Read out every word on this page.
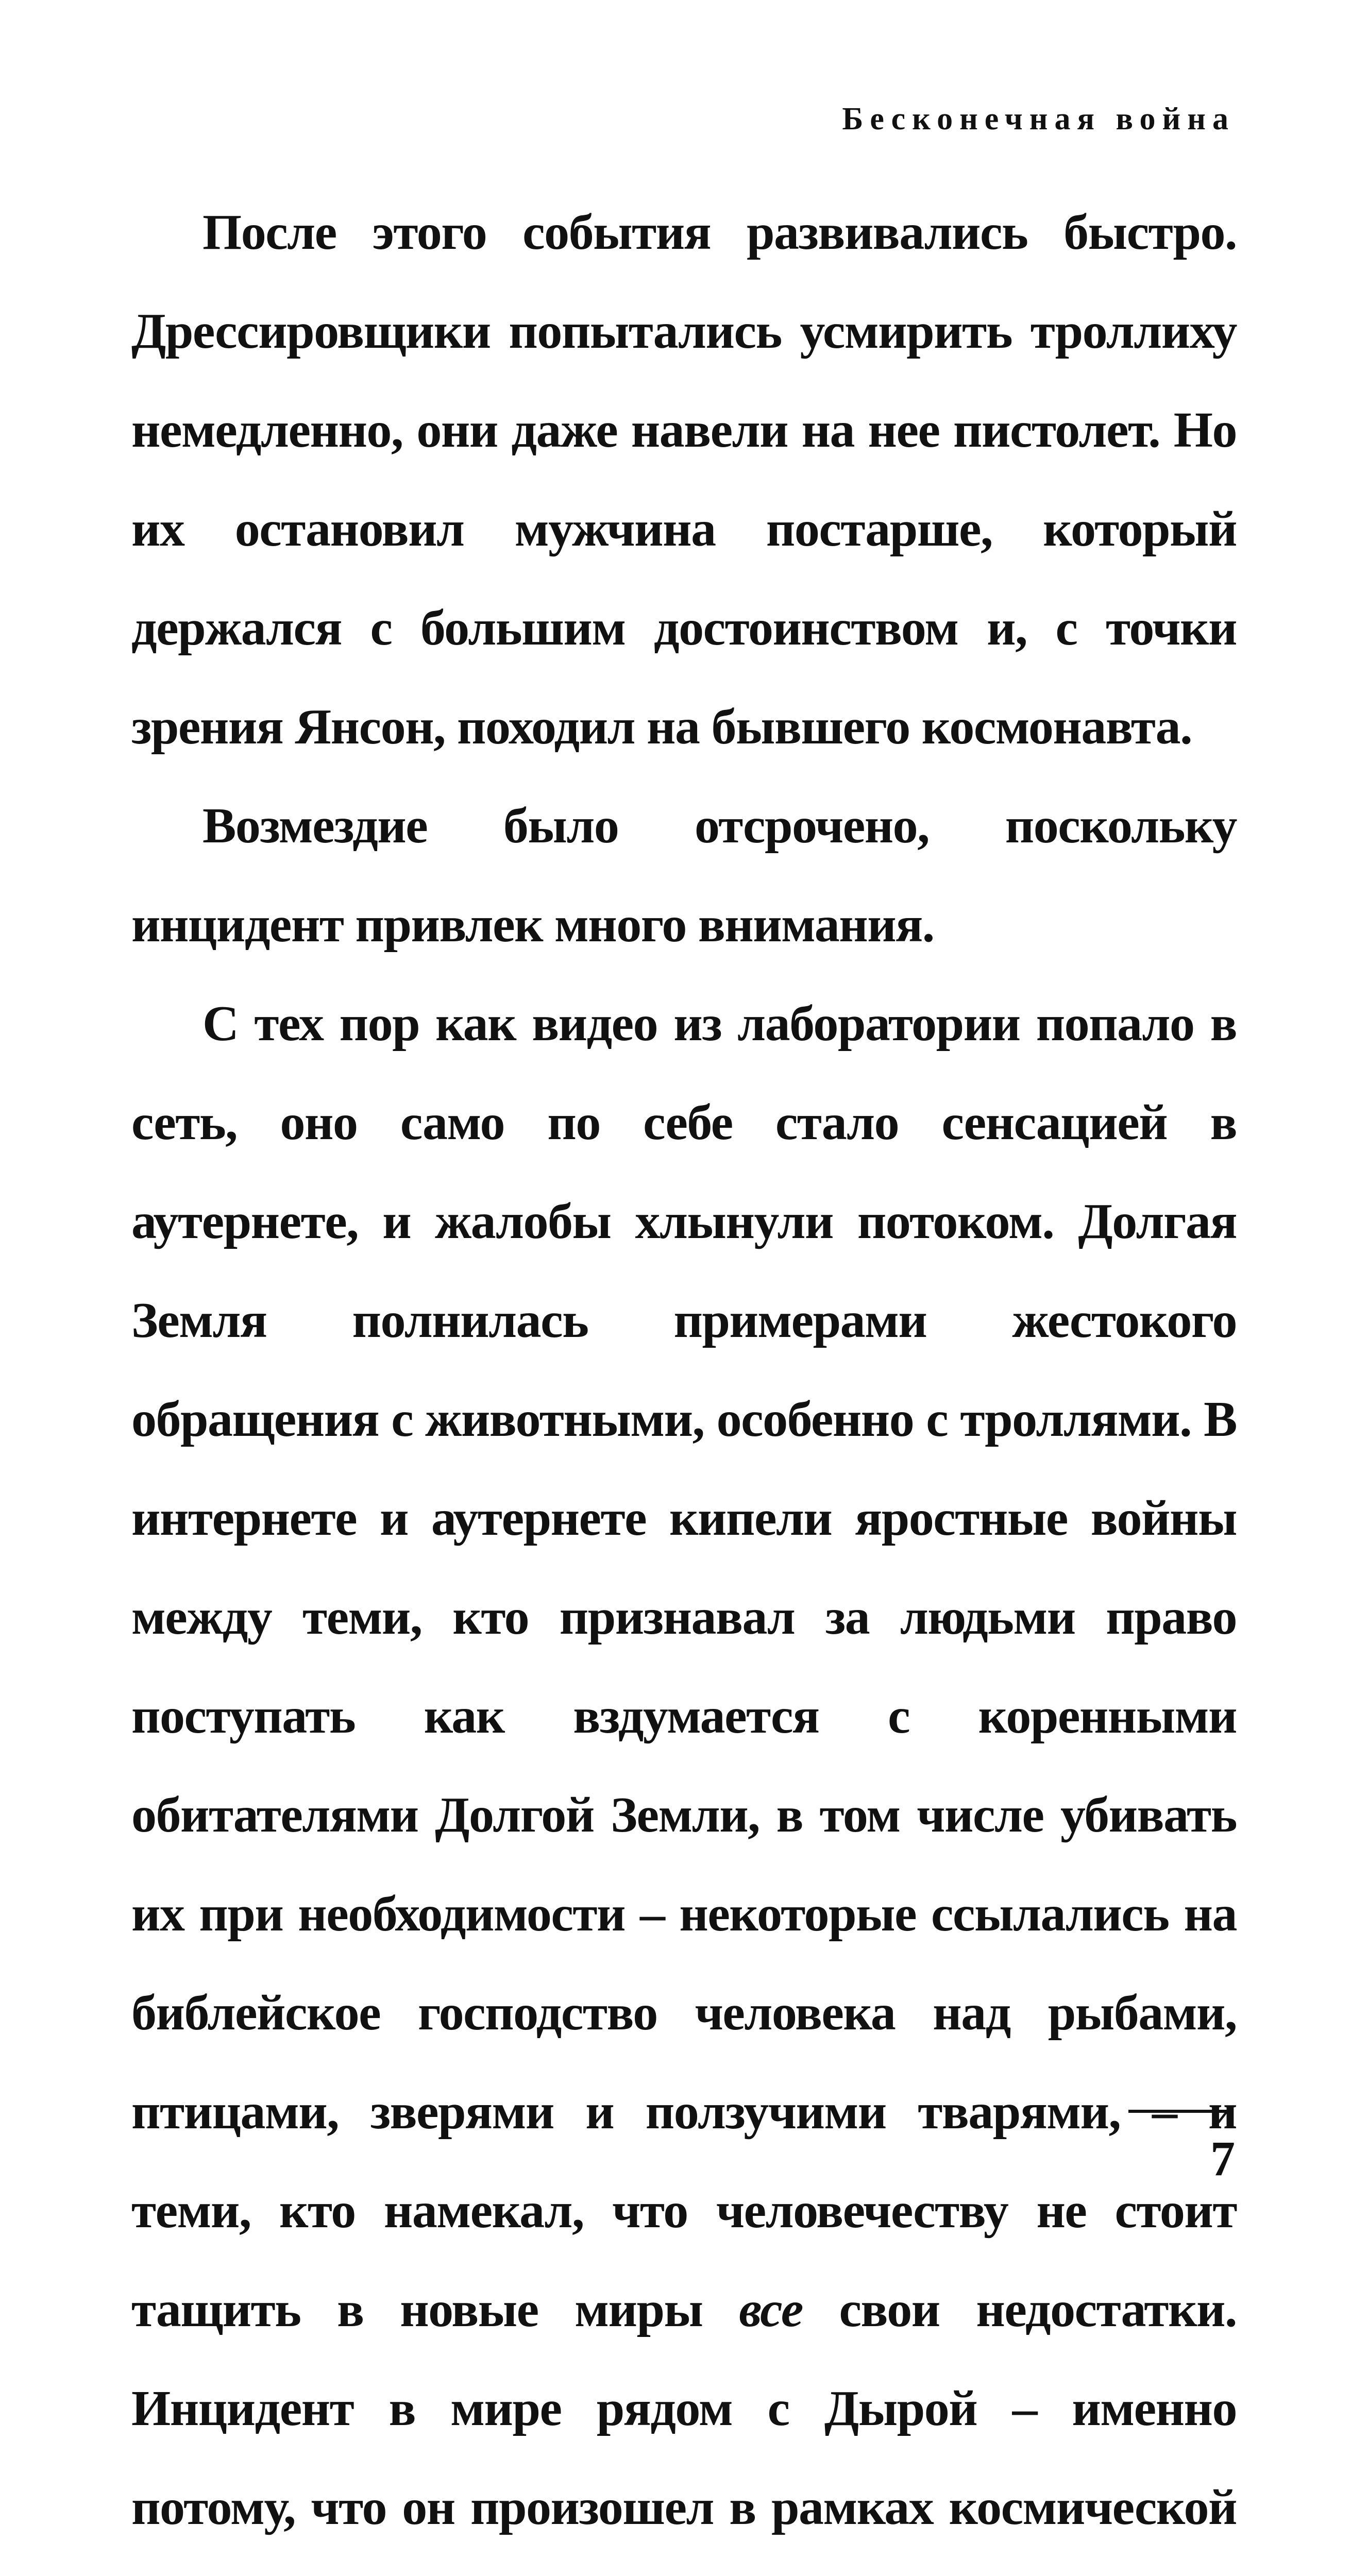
Бесконечная война

После этого события развивались быстро. Дрессировщики попытались усмирить троллиху немедленно, они даже навели на нее пистолет. Но их остановил мужчина постарше, который держался с большим достоинством и, с точки зрения Янсон, походил на бывшего космонавта.

Возмездие было отсрочено, поскольку инцидент привлек много внимания.

С тех пор как видео из лаборатории попало в сеть, оно само по себе стало сенсацией в аутернете, и жалобы хлынули потоком. Долгая Земля полнилась примерами жестокого обращения с животными, особенно с троллями. В интернете и аутернете кипели яростные войны между теми, кто признавал за людьми право поступать как вздумается с коренными обитателями Долгой Земли, в том числе убивать их при необходимости – некоторые ссылались на библейское господство человека над рыбами, птицами, зверями и ползучими тварями, – и теми, кто намекал, что человечеству не стоит тащить в новые миры все свои недостатки. Инцидент в мире рядом с Дырой – именно потому, что он произошел в рамках космической

7
